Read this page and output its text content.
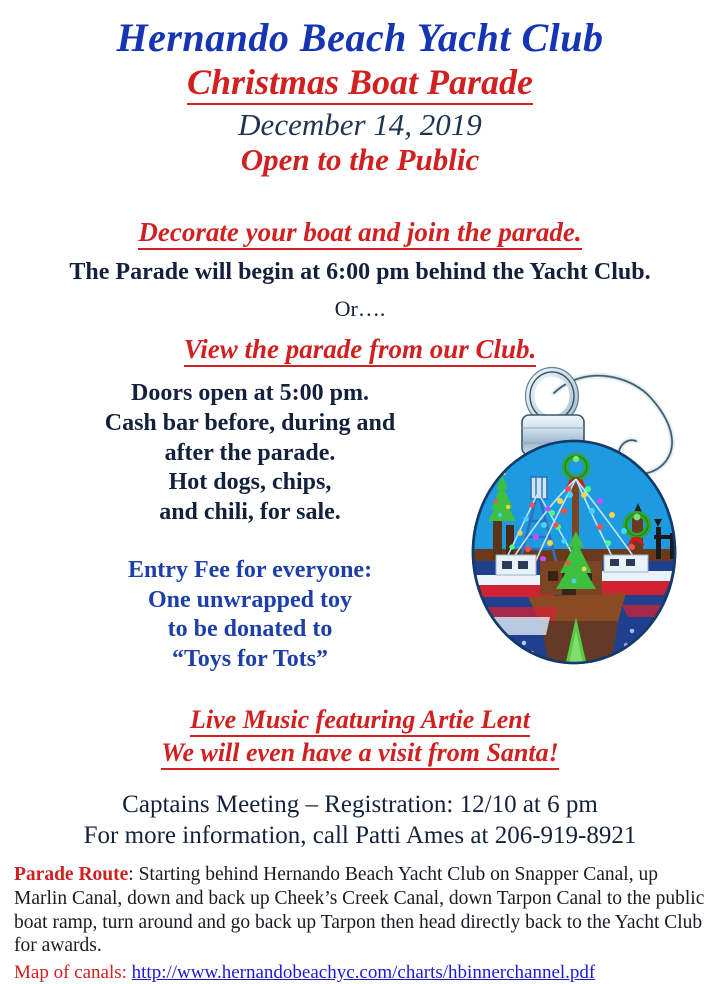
Hernando Beach Yacht Club
Christmas Boat Parade
December 14, 2019
Open to the Public
Decorate your boat and join the parade.
The Parade will begin at 6:00 pm behind the Yacht Club.
Or….
View the parade from our Club.
Doors open at 5:00 pm.
Cash bar before, during and
after the parade.
Hot dogs, chips,
and chili, for sale.
Entry Fee for everyone:
One unwrapped toy
to be donated to
“Toys for Tots”
Live Music featuring Artie Lent
We will even have a visit from Santa!
Captains Meeting – Registration: 12/10 at 6 pm
For more information, call Patti Ames at 206-919-8921
Parade Route: Starting behind Hernando Beach Yacht Club on Snapper Canal, up Marlin Canal, down and back up Cheek’s Creek Canal, down Tarpon Canal to the public boat ramp, turn around and go back up Tarpon then head directly back to the Yacht Club for awards.
Map of canals: http://www.hernandobeachyc.com/charts/hbinnerchannel.pdf
